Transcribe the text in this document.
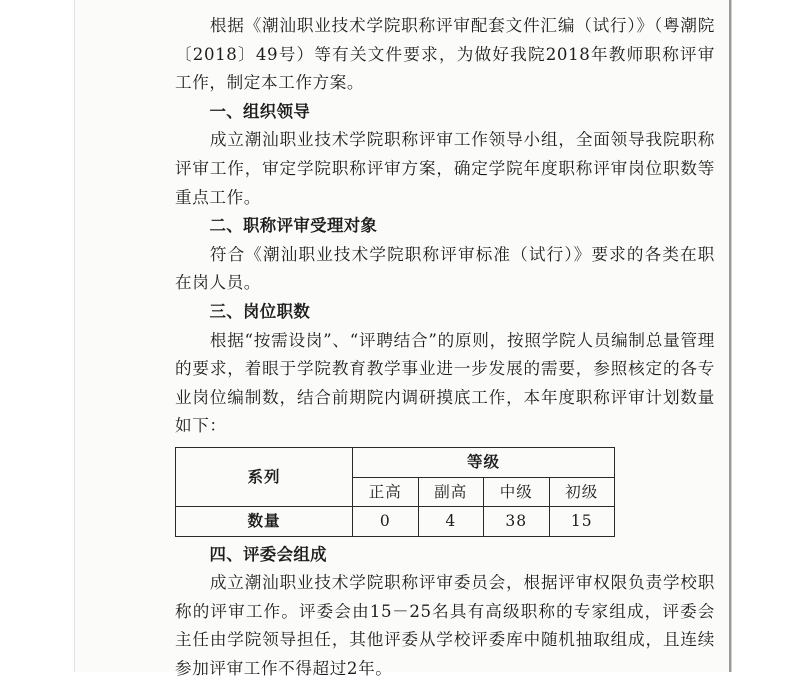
根据《潮汕职业技术学院职称评审配套文件汇编（试行）》（粤潮院〔2018〕49号）等有关文件要求，为做好我院2018年教师职称评审工作，制定本工作方案。

一、组织领导

成立潮汕职业技术学院职称评审工作领导小组，全面领导我院职称评审工作，审定学院职称评审方案，确定学院年度职称评审岗位职数等重点工作。

二、职称评审受理对象

符合《潮汕职业技术学院职称评审标准（试行）》要求的各类在职在岗人员。

三、岗位职数

根据“按需设岗”、“评聘结合”的原则，按照学院人员编制总量管理的要求，着眼于学院教育教学事业进一步发展的需要，参照核定的各专业岗位编制数，结合前期院内调研摸底工作，本年度职称评审计划数量如下：

系列	等级			
	正高	副高	中级	初级
数量	0	4	38	15

四、评委会组成

成立潮汕职业技术学院职称评审委员会，根据评审权限负责学校职称的评审工作。评委会由15－25名具有高级职称的专家组成，评委会主任由学院领导担任，其他评委从学校评委库中随机抽取组成，且连续参加评审工作不得超过2年。
